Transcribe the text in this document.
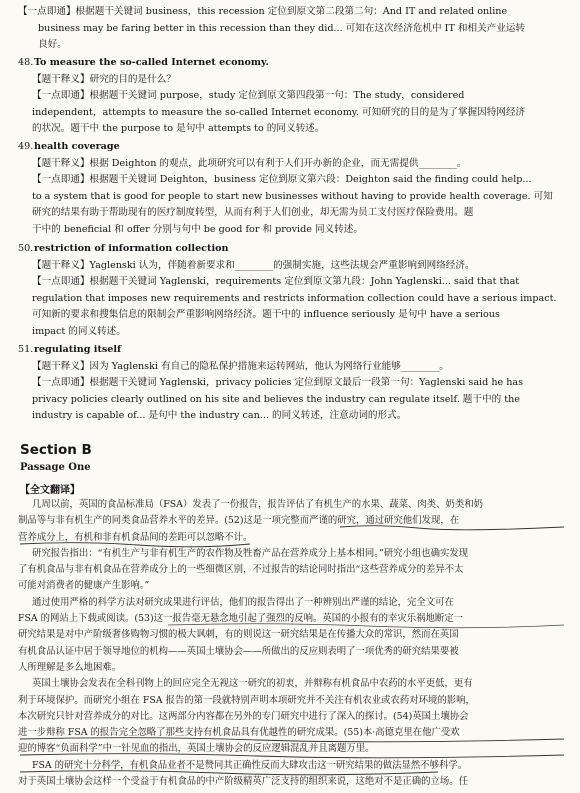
【一点即通】根据题干关键词 business，this recession 定位到原文第二段第二句：And IT and related online
business may be faring better in this recession than they did... 可知在这次经济危机中 IT 和相关产业运转
良好。
48. To measure the so-called Internet economy.
【题干释义】研究的目的是什么？
【一点即通】根据题干关键词 purpose，study 定位到原文第四段第一句：The study，considered
independent，attempts to measure the so-called Internet economy. 可知研究的目的是为了掌握因特网经济
的状况。题干中 the purpose to 是句中 attempts to 的同义转述。
49. health coverage
【题干释义】根据 Deighton 的观点，此项研究可以有利于人们开办新的企业，而无需提供________。
【一点即通】根据题干关键词 Deighton，business 定位到原文第六段：Deighton said the finding could help...
to a system that is good for people to start new businesses without having to provide health coverage. 可知
研究的结果有助于帮助现有的医疗制度转型，从而有利于人们创业，却无需为员工支付医疗保险费用。题
干中的 beneficial 和 offer 分别与句中 be good for 和 provide 同义转述。
50. restriction of information collection
【题干释义】Yaglenski 认为，伴随着新要求和________的强制实施，这些法规会严重影响到网络经济。
【一点即通】根据题干关键词 Yaglenski，requirements 定位到原文第九段：John Yaglenski... said that that
regulation that imposes new requirements and restricts information collection could have a serious impact.
可知新的要求和搜集信息的限制会严重影响网络经济。题干中的 influence seriously 是句中 have a serious
impact 的同义转述。
51. regulating itself
【题干释义】因为 Yaglenski 有自己的隐私保护措施来运转网站，他认为网络行业能够________。
【一点即通】根据题干关键词 Yaglenski，privacy policies 定位到原文最后一段第一句：Yaglenski said he has
privacy policies clearly outlined on his site and believes the industry can regulate itself. 题干中的 the
industry is capable of... 是句中 the industry can... 的同义转述，注意动词的形式。
Section B
Passage One
【全文翻译】
几周以前，英国的食品标准局（FSA）发表了一份报告，报告评估了有机生产的水果、蔬菜、肉类、奶类和奶
制品等与非有机生产的同类食品营养水平的差异。(52)这是一项完整而严谨的研究，通过研究他们发现，在
营养成分上，有机和非有机食品间的差距可以忽略不计。
研究报告指出：“有机生产与非有机生产的农作物及牲畜产品在营养成分上基本相同。”研究小组也确实发现
了有机食品与非有机食品在营养成分上的一些细微区别，不过报告的结论同时指出“这些营养成分的差异不太
可能对消费者的健康产生影响。”
通过使用严格的科学方法对研究成果进行评估，他们的报告得出了一种辨别出严谨的结论，完全文可在
FSA 的网站上下载或阅读。(53)这一报告毫无悬念地引起了强烈的反响。英国的小报有的幸灾乐祸地断定一
研究结果是对中产阶级奢侈购物习惯的极大讽刺，有的则说这一研究结果是在传播大众的常识，然而在英国
有机食品认证中居于领导地位的机构——英国土壤协会——所做出的反应则表明了一项优秀的研究结果要被
人所理解是多么地困难。
英国土壤协会发表在全科刊物上的回应完全无视这一研究的初衷，并辩称有机食品中农药的水平更低，更有
利于环境保护。而研究小组在 FSA 报告的第一段就特别声明本项研究并不关注有机农业或农药对环境的影响，
本次研究只针对营养成分的对比。这两部分内容都在另外的专门研究中进行了深入的探讨。(54)英国土壤协会
进一步辩称 FSA 的报告完全忽略了那些支持有机食品具有优越性的研究成果。(55)本·高德克里在他广受欢
迎的博客“负面科学”中一针见血的指出，英国土壤协会的反应逻辑混乱并且离题万里。
FSA 的研究十分科学，有机食品业者不是赞同其正确性反而大肆攻击这一研究结果的做法显然不够科学。
对于英国土壤协会这样一个受益于有机食品的中产阶级精英广泛支持的组织来说，这绝对不是正确的立场。任
